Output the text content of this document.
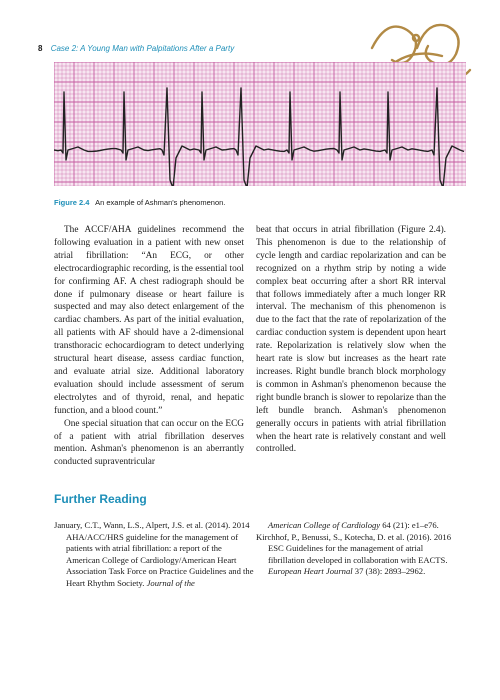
8 Case 2: A Young Man with Palpitations After a Party
Figure 2.4 An example of Ashman's phenomenon.

The ACCF/AHA guidelines recommend the following evaluation in a patient with new onset atrial fibrillation: “An ECG, or other electrocardiographic recording, is the essential tool for confirming AF. A chest radiograph should be done if pulmonary disease or heart failure is suspected and may also detect enlargement of the cardiac chambers. As part of the initial evaluation, all patients with AF should have a 2-dimensional transthoracic echocardiogram to detect underlying structural heart disease, assess cardiac function, and evaluate atrial size. Additional laboratory evaluation should include assessment of serum electrolytes and of thyroid, renal, and hepatic function, and a blood count.”

One special situation that can occur on the ECG of a patient with atrial fibrillation deserves mention. Ashman's phenomenon is an aberrantly conducted supraventricular

beat that occurs in atrial fibrillation (Figure 2.4). This phenomenon is due to the relationship of cycle length and cardiac repolarization and can be recognized on a rhythm strip by noting a wide complex beat occurring after a short RR interval that follows immediately after a much longer RR interval. The mechanism of this phenomenon is due to the fact that the rate of repolarization of the cardiac conduction system is dependent upon heart rate. Repolarization is relatively slow when the heart rate is slow but increases as the heart rate increases. Right bundle branch block morphology is common in Ashman's phenomenon because the right bundle branch is slower to repolarize than the left bundle branch. Ashman's phenomenon generally occurs in patients with atrial fibrillation when the heart rate is relatively constant and well controlled.

Further Reading
January, C.T., Wann, L.S., Alpert, J.S. et al. (2014). 2014 AHA/ACC/HRS guideline for the management of patients with atrial fibrillation: a report of the American College of Cardiology/American Heart Association Task Force on Practice Guidelines and the Heart Rhythm Society. Journal of the
American College of Cardiology 64 (21): e1–e76.
Kirchhof, P., Benussi, S., Kotecha, D. et al. (2016). 2016 ESC Guidelines for the management of atrial fibrillation developed in collaboration with EACTS. European Heart Journal 37 (38): 2893–2962.
